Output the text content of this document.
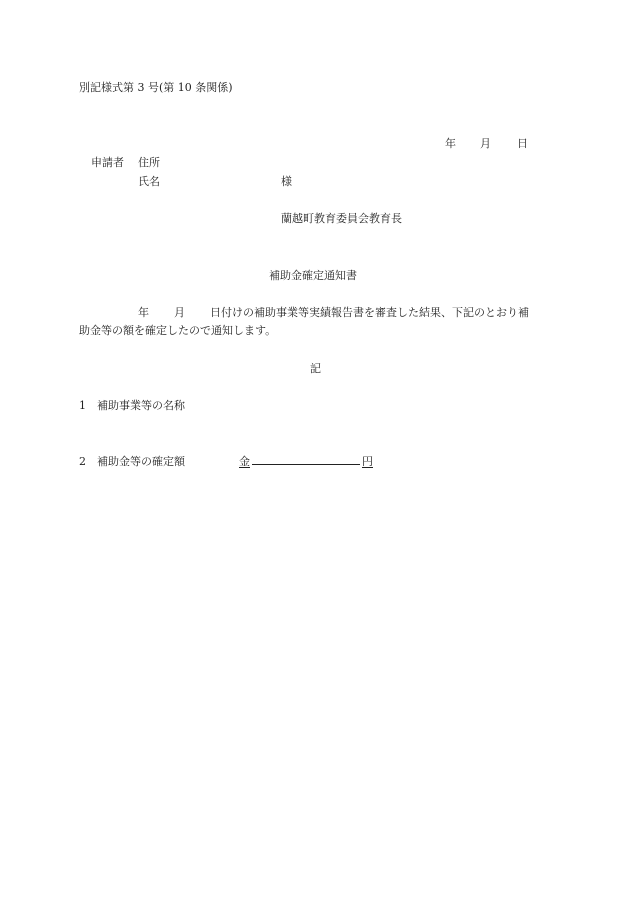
別記様式第 3 号(第 10 条関係)
年 月 日
申請者 住所
氏名	様
蘭越町教育委員会教育長
補助金確定通知書
年 月 日付けの補助事業等実績報告書を審査した結果、下記のとおり補
助金等の額を確定したので通知します。
記
1 補助事業等の名称
2 補助金等の確定額	金	円
